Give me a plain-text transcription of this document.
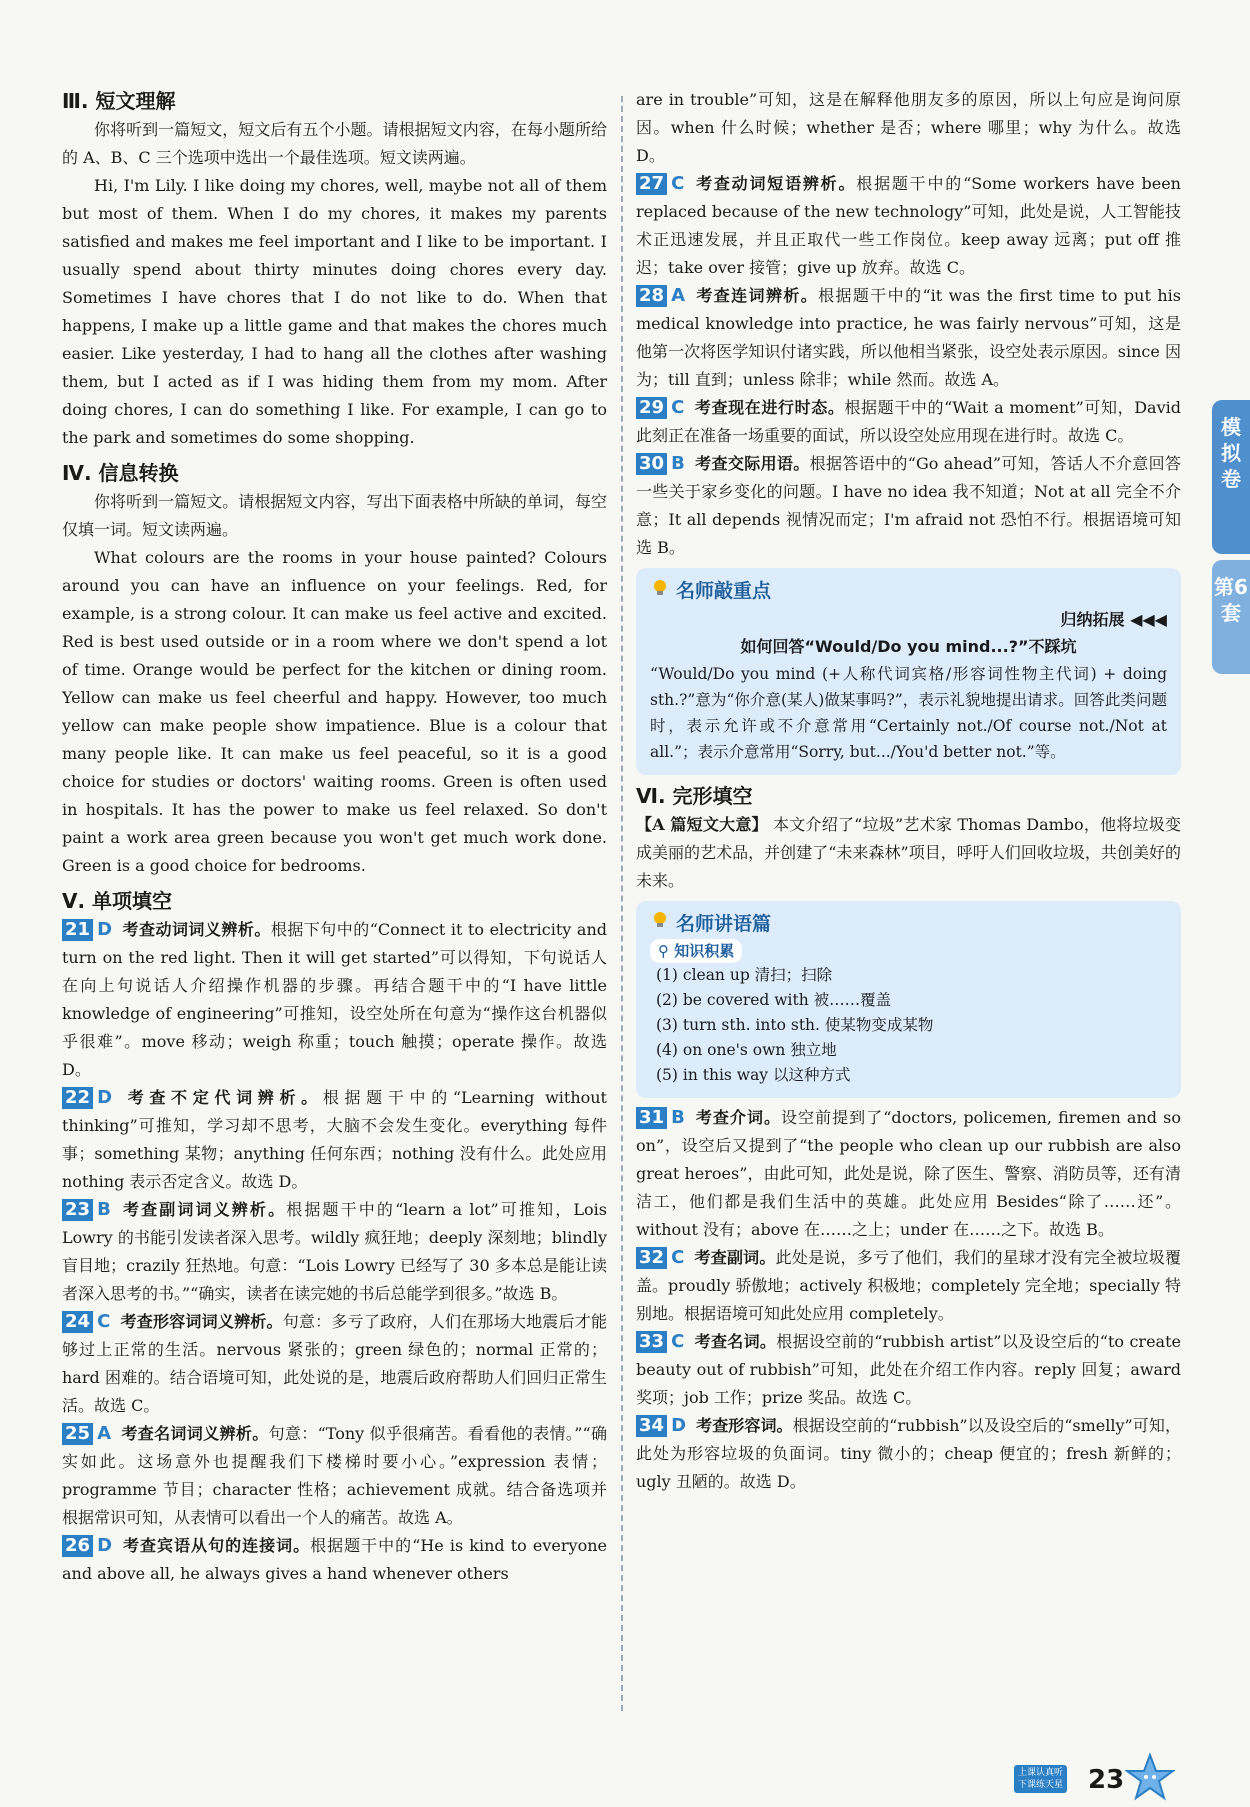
Ⅲ. 短文理解

你将听到一篇短文，短文后有五个小题。请根据短文内容，在每小题所给的 A、B、C 三个选项中选出一个最佳选项。短文读两遍。

Hi, I'm Lily. I like doing my chores, well, maybe not all of them but most of them. When I do my chores, it makes my parents satisfied and makes me feel important and I like to be important. I usually spend about thirty minutes doing chores every day. Sometimes I have chores that I do not like to do. When that happens, I make up a little game and that makes the chores much easier. Like yesterday, I had to hang all the clothes after washing them, but I acted as if I was hiding them from my mom. After doing chores, I can do something I like. For example, I can go to the park and sometimes do some shopping.

Ⅳ. 信息转换

你将听到一篇短文。请根据短文内容，写出下面表格中所缺的单词，每空仅填一词。短文读两遍。

What colours are the rooms in your house painted? Colours around you can have an influence on your feelings. Red, for example, is a strong colour. It can make us feel active and excited. Red is best used outside or in a room where we don't spend a lot of time. Orange would be perfect for the kitchen or dining room. Yellow can make us feel cheerful and happy. However, too much yellow can make people show impatience. Blue is a colour that many people like. It can make us feel peaceful, so it is a good choice for studies or doctors' waiting rooms. Green is often used in hospitals. It has the power to make us feel relaxed. So don't paint a work area green because you won't get much work done. Green is a good choice for bedrooms.

Ⅴ. 单项填空

21 D 考查动词词义辨析。根据下句中的“Connect it to electricity and turn on the red light. Then it will get started”可以得知，下句说话人在向上句说话人介绍操作机器的步骤。再结合题干中的“I have little knowledge of engineering”可推知，设空处所在句意为“操作这台机器似乎很难”。move 移动；weigh 称重；touch 触摸；operate 操作。故选 D。
22 D 考查不定代词辨析。根据题干中的“Learning without thinking”可推知，学习却不思考，大脑不会发生变化。everything 每件事；something 某物；anything 任何东西；nothing 没有什么。此处应用 nothing 表示否定含义。故选 D。
23 B 考查副词词义辨析。根据题干中的“learn a lot”可推知，Lois Lowry 的书能引发读者深入思考。wildly 疯狂地；deeply 深刻地；blindly 盲目地；crazily 狂热地。句意：“Lois Lowry 已经写了 30 多本总是能让读者深入思考的书。”“确实，读者在读完她的书后总能学到很多。”故选 B。
24 C 考查形容词词义辨析。句意：多亏了政府，人们在那场大地震后才能够过上正常的生活。nervous 紧张的；green 绿色的；normal 正常的；hard 困难的。结合语境可知，此处说的是，地震后政府帮助人们回归正常生活。故选 C。
25 A 考查名词词义辨析。句意：“Tony 似乎很痛苦。看看他的表情。”“确实如此。这场意外也提醒我们下楼梯时要小心。”expression 表情；programme 节目；character 性格；achievement 成就。结合备选项并根据常识可知，从表情可以看出一个人的痛苦。故选 A。
26 D 考查宾语从句的连接词。根据题干中的“He is kind to everyone and above all, he always gives a hand whenever others

are in trouble”可知，这是在解释他朋友多的原因，所以上句应是询问原因。when 什么时候；whether 是否；where 哪里；why 为什么。故选 D。

27 C 考查动词短语辨析。根据题干中的“Some workers have been replaced because of the new technology”可知，此处是说，人工智能技术正迅速发展，并且正取代一些工作岗位。keep away 远离；put off 推迟；take over 接管；give up 放弃。故选 C。
28 A 考查连词辨析。根据题干中的“it was the first time to put his medical knowledge into practice, he was fairly nervous”可知，这是他第一次将医学知识付诸实践，所以他相当紧张，设空处表示原因。since 因为；till 直到；unless 除非；while 然而。故选 A。
29 C 考查现在进行时态。根据题干中的“Wait a moment”可知，David 此刻正在准备一场重要的面试，所以设空处应用现在进行时。故选 C。
30 B 考查交际用语。根据答语中的“Go ahead”可知，答话人不介意回答一些关于家乡变化的问题。I have no idea 我不知道；Not at all 完全不介意；It all depends 视情况而定；I'm afraid not 恐怕不行。根据语境可知选 B。
名师敲重点
归纳拓展 ◀◀◀
如何回答“Would/Do you mind...?”不踩坑
“Would/Do you mind (+人称代词宾格/形容词性物主代词) + doing sth.?”意为“你介意(某人)做某事吗?”，表示礼貌地提出请求。回答此类问题时，表示允许或不介意常用“Certainly not./Of course not./Not at all.”；表示介意常用“Sorry, but.../You'd better not.”等。

Ⅵ. 完形填空

【A 篇短文大意】 本文介绍了“垃圾”艺术家 Thomas Dambo，他将垃圾变成美丽的艺术品，并创建了“未来森林”项目，呼吁人们回收垃圾，共创美好的未来。

名师讲语篇
⚲ 知识积累
(1) clean up 清扫；扫除
(2) be covered with 被……覆盖
(3) turn sth. into sth. 使某物变成某物
(4) on one's own 独立地
(5) in this way 以这种方式
31 B 考查介词。设空前提到了“doctors, policemen, firemen and so on”，设空后又提到了“the people who clean up our rubbish are also great heroes”，由此可知，此处是说，除了医生、警察、消防员等，还有清洁工，他们都是我们生活中的英雄。此处应用 Besides“除了……还”。without 没有；above 在……之上；under 在……之下。故选 B。
32 C 考查副词。此处是说，多亏了他们，我们的星球才没有完全被垃圾覆盖。proudly 骄傲地；actively 积极地；completely 完全地；specially 特别地。根据语境可知此处应用 completely。
33 C 考查名词。根据设空前的“rubbish artist”以及设空后的“to create beauty out of rubbish”可知，此处在介绍工作内容。reply 回复；award 奖项；job 工作；prize 奖品。故选 C。
34 D 考查形容词。根据设空前的“rubbish”以及设空后的“smelly”可知，此处为形容垃圾的负面词。tiny 微小的；cheap 便宜的；fresh 新鲜的；ugly 丑陋的。故选 D。
模拟卷
第6套
上课认真听
下课练天星 23
